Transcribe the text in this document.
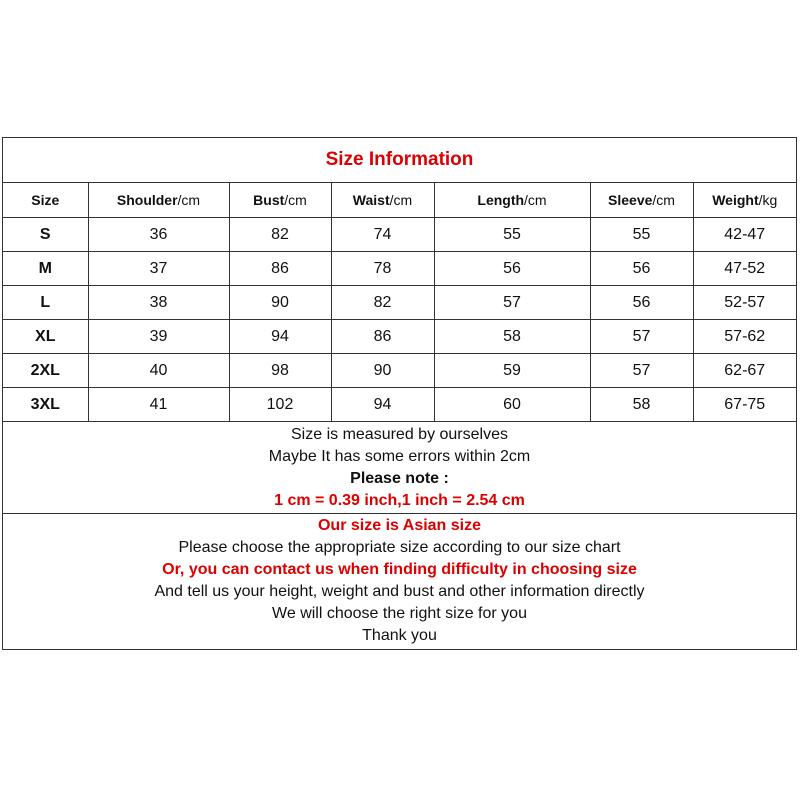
Size Information
Size	Shoulder/cm	Bust/cm	Waist/cm	Length/cm	Sleeve/cm	Weight/kg
S	36	82	74	55	55	42-47
M	37	86	78	56	56	47-52
L	38	90	82	57	56	52-57
XL	39	94	86	58	57	57-62
2XL	40	98	90	59	57	62-67
3XL	41	102	94	60	58	67-75
Size is measured by ourselves
Maybe It has some errors within 2cm
Please note :
1 cm = 0.39 inch,1 inch = 2.54 cm
Our size is Asian size
Please choose the appropriate size according to our size chart
Or, you can contact us when finding difficulty in choosing size
And tell us your height, weight and bust and other information directly
We will choose the right size for you
Thank you
